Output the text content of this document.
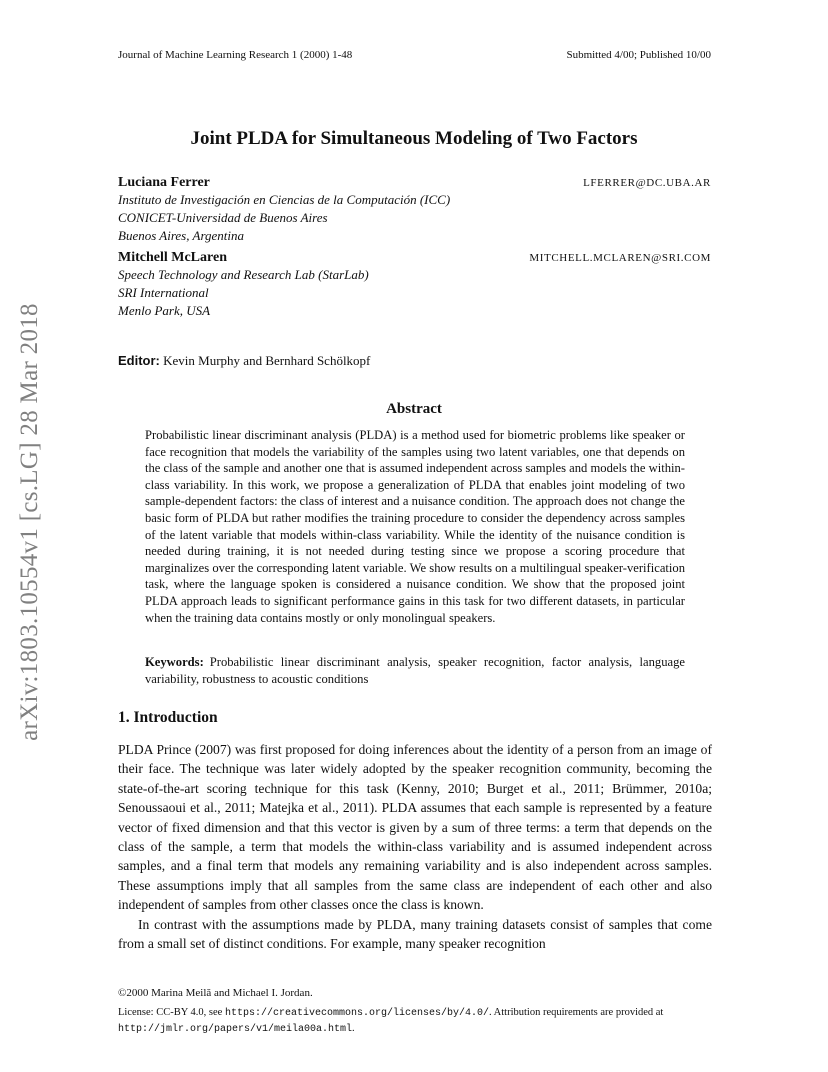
arXiv:1803.10554v1 [cs.LG] 28 Mar 2018
Journal of Machine Learning Research 1 (2000) 1-48	Submitted 4/00; Published 10/00
Joint PLDA for Simultaneous Modeling of Two Factors
Luciana Ferrer	LFERRER@DC.UBA.AR
Instituto de Investigación en Ciencias de la Computación (ICC)
CONICET-Universidad de Buenos Aires
Buenos Aires, Argentina
Mitchell McLaren	MITCHELL.MCLAREN@SRI.COM
Speech Technology and Research Lab (StarLab)
SRI International
Menlo Park, USA
Editor: Kevin Murphy and Bernhard Schölkopf
Abstract
Probabilistic linear discriminant analysis (PLDA) is a method used for biometric problems like speaker or face recognition that models the variability of the samples using two latent variables, one that depends on the class of the sample and another one that is assumed independent across samples and models the within-class variability. In this work, we propose a generalization of PLDA that enables joint modeling of two sample-dependent factors: the class of interest and a nuisance condition. The approach does not change the basic form of PLDA but rather modifies the training procedure to consider the dependency across samples of the latent variable that models within-class variability. While the identity of the nuisance condition is needed during training, it is not needed during testing since we propose a scoring procedure that marginalizes over the corresponding latent variable. We show results on a multilingual speaker-verification task, where the language spoken is considered a nuisance condition. We show that the proposed joint PLDA approach leads to significant performance gains in this task for two different datasets, in particular when the training data contains mostly or only monolingual speakers.
Keywords: Probabilistic linear discriminant analysis, speaker recognition, factor analysis, language variability, robustness to acoustic conditions
1. Introduction

PLDA Prince (2007) was first proposed for doing inferences about the identity of a person from an image of their face. The technique was later widely adopted by the speaker recognition community, becoming the state-of-the-art scoring technique for this task (Kenny, 2010; Burget et al., 2011; Brümmer, 2010a; Senoussaoui et al., 2011; Matejka et al., 2011). PLDA assumes that each sample is represented by a feature vector of fixed dimension and that this vector is given by a sum of three terms: a term that depends on the class of the sample, a term that models the within-class variability and is assumed independent across samples, and a final term that models any remaining variability and is also independent across samples. These assumptions imply that all samples from the same class are independent of each other and also independent of samples from other classes once the class is known.

In contrast with the assumptions made by PLDA, many training datasets consist of samples that come from a small set of distinct conditions. For example, many speaker recognition

©2000 Marina Meilă and Michael I. Jordan.
License: CC-BY 4.0, see https://creativecommons.org/licenses/by/4.0/. Attribution requirements are provided at
http://jmlr.org/papers/v1/meila00a.html.
